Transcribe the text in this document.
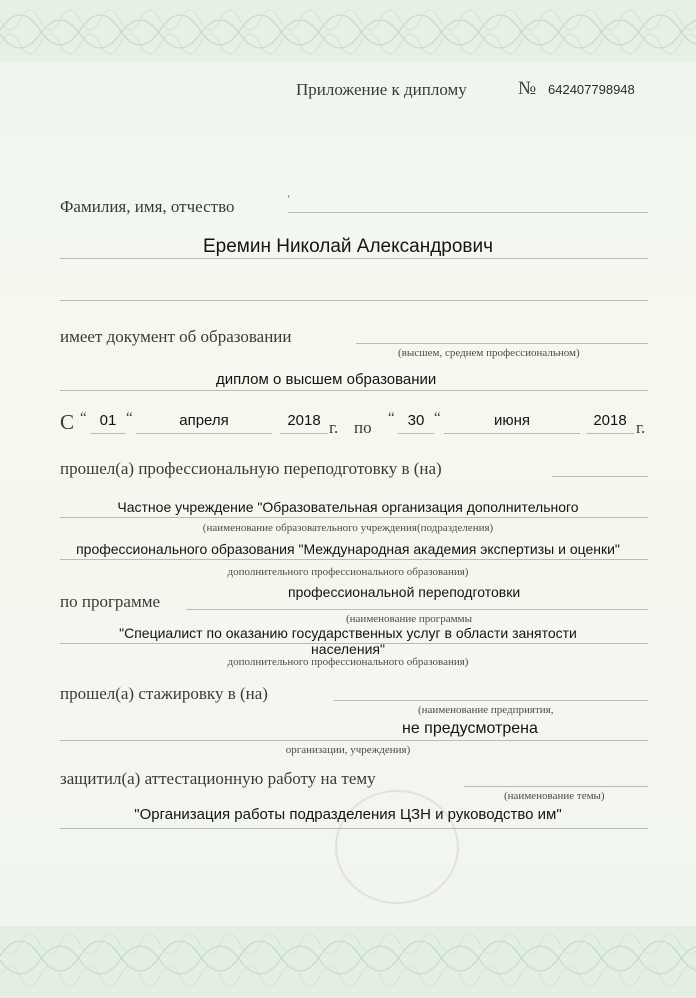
Приложение к диплому	№ 642407798948
Фамилия, имя, отчество	ʻ
Еремин Николай Александрович
имеет документ об образовании
(высшем, среднем профессиональном)
диплом о высшем образовании
С “ 01 “	апреля	2018 г. по “ 30 “	июня	2018 г.
прошел(а) профессиональную переподготовку в (на)
Частное учреждение "Образовательная организация дополнительного
(наименование образовательного учреждения(подразделения)
профессионального образования "Международная академия экспертизы и оценки"
дополнительного профессионального образования)
по программе	профессиональной переподготовки
(наименование программы
"Специалист по оказанию государственных услуг в области занятости
населения"
дополнительного профессионального образования)
прошел(а) стажировку в (на)
(наименование предприятия,
не предусмотрена
организации, учреждения)
защитил(а) аттестационную работу на тему
(наименование темы)
"Организация работы подразделения ЦЗН и руководство им"
